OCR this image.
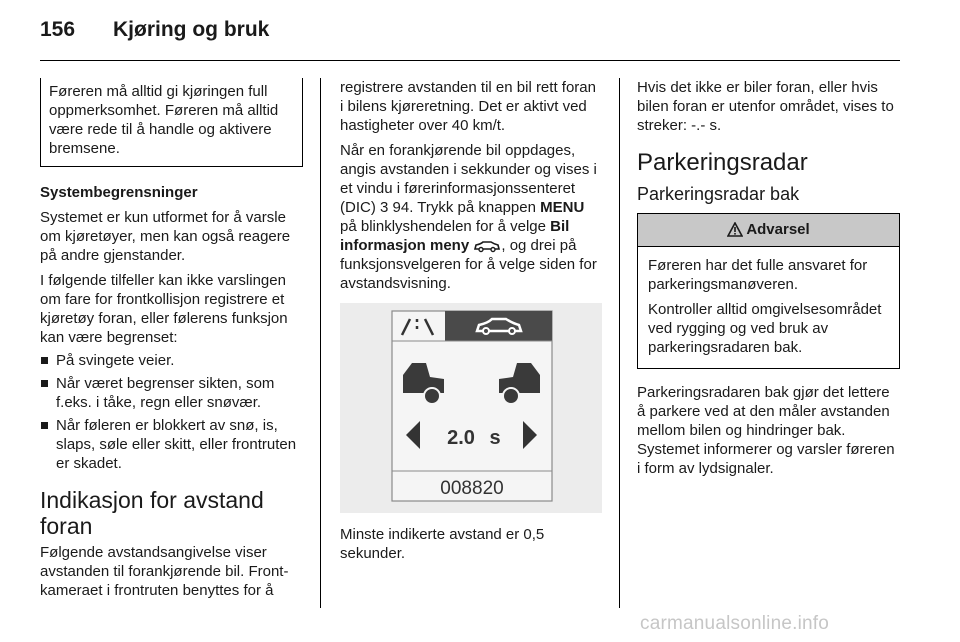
156 Kjøring og bruk
Føreren må alltid gi kjøringen full oppmerksomhet. Føreren må alltid være rede til å handle og aktivere bremsene.

Systembegrensninger

Systemet er kun utformet for å varsle om kjøretøyer, men kan også reagere på andre gjenstander.

I følgende tilfeller kan ikke varslingen om fare for frontkollisjon registrere et kjøretøy foran, eller følerens funksjon kan være begrenset:

På svingete veier.
Når været begrenser sikten, som f.eks. i tåke, regn eller snøvær.
Når føleren er blokkert av snø, is, slaps, søle eller skitt, eller frontruten er skadet.
Indikasjon for avstand foran

Følgende avstandsangivelse viser avstanden til forankjørende bil. Frontkameraet i frontruten benyttes for å

registrere avstanden til en bil rett foran i bilens kjøreretning. Det er aktivt ved hastigheter over 40 km/t.

Når en forankjørende bil oppdages, angis avstanden i sekkunder og vises i et vindu i førerinformasjonssenteret (DIC) 3 94. Trykk på knappen MENU på blinklyshendelen for å velge Bil informasjon meny , og drei på funksjonsvelgeren for å velge siden for avstandsvisning.

2.0 s
008820

Minste indikerte avstand er 0,5 sekunder.

Hvis det ikke er biler foran, eller hvis bilen foran er utenfor området, vises to streker: -.- s.

Parkeringsradar
Parkeringsradar bak
Advarsel

Føreren har det fulle ansvaret for parkeringsmanøveren.

Kontroller alltid omgivelsesområdet ved rygging og ved bruk av parkeringsradaren bak.

Parkeringsradaren bak gjør det lettere å parkere ved at den måler avstanden mellom bilen og hindringer bak. Systemet informerer og varsler føreren i form av lydsignaler.

carmanualsonline.info
